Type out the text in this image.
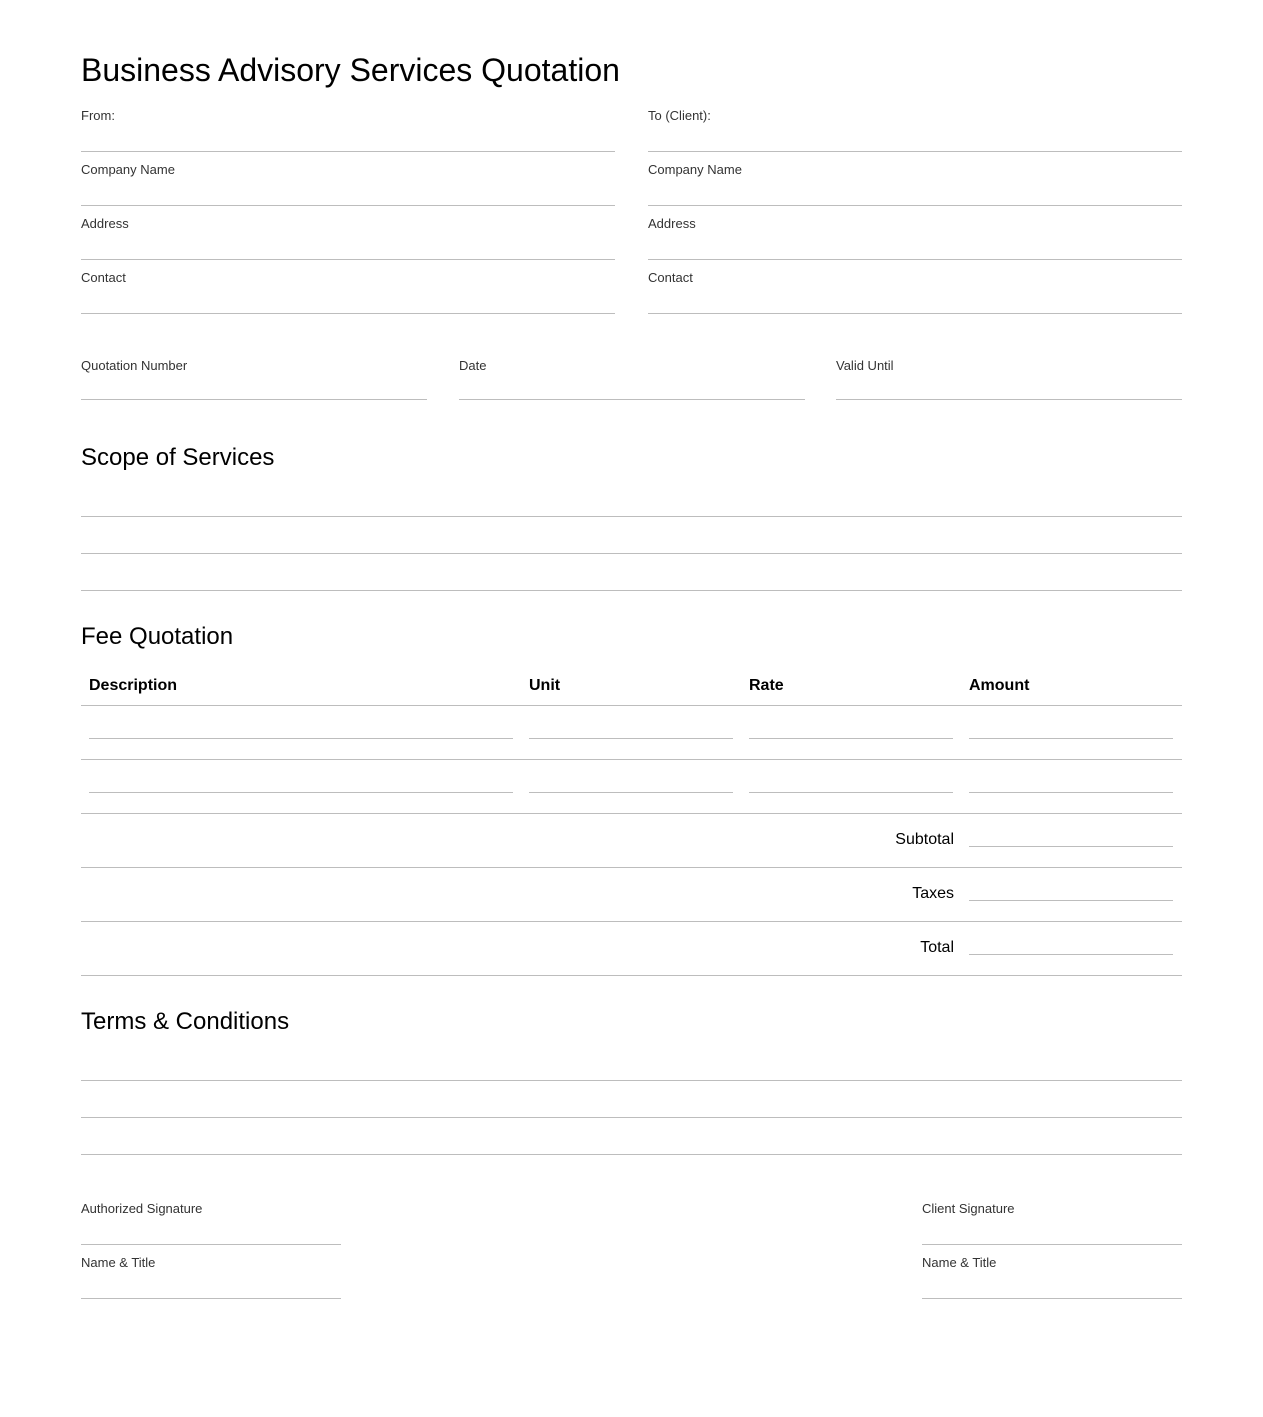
Business Advisory Services Quotation
From:
Company Name
Address
Contact
To (Client):
Company Name
Address
Contact
Quotation Number	Date	Valid Until
Scope of Services
Fee Quotation
Description	Unit	Rate	Amount
Subtotal
Taxes
Total
Terms & Conditions
Authorized Signature
Name & Title
Client Signature
Name & Title
